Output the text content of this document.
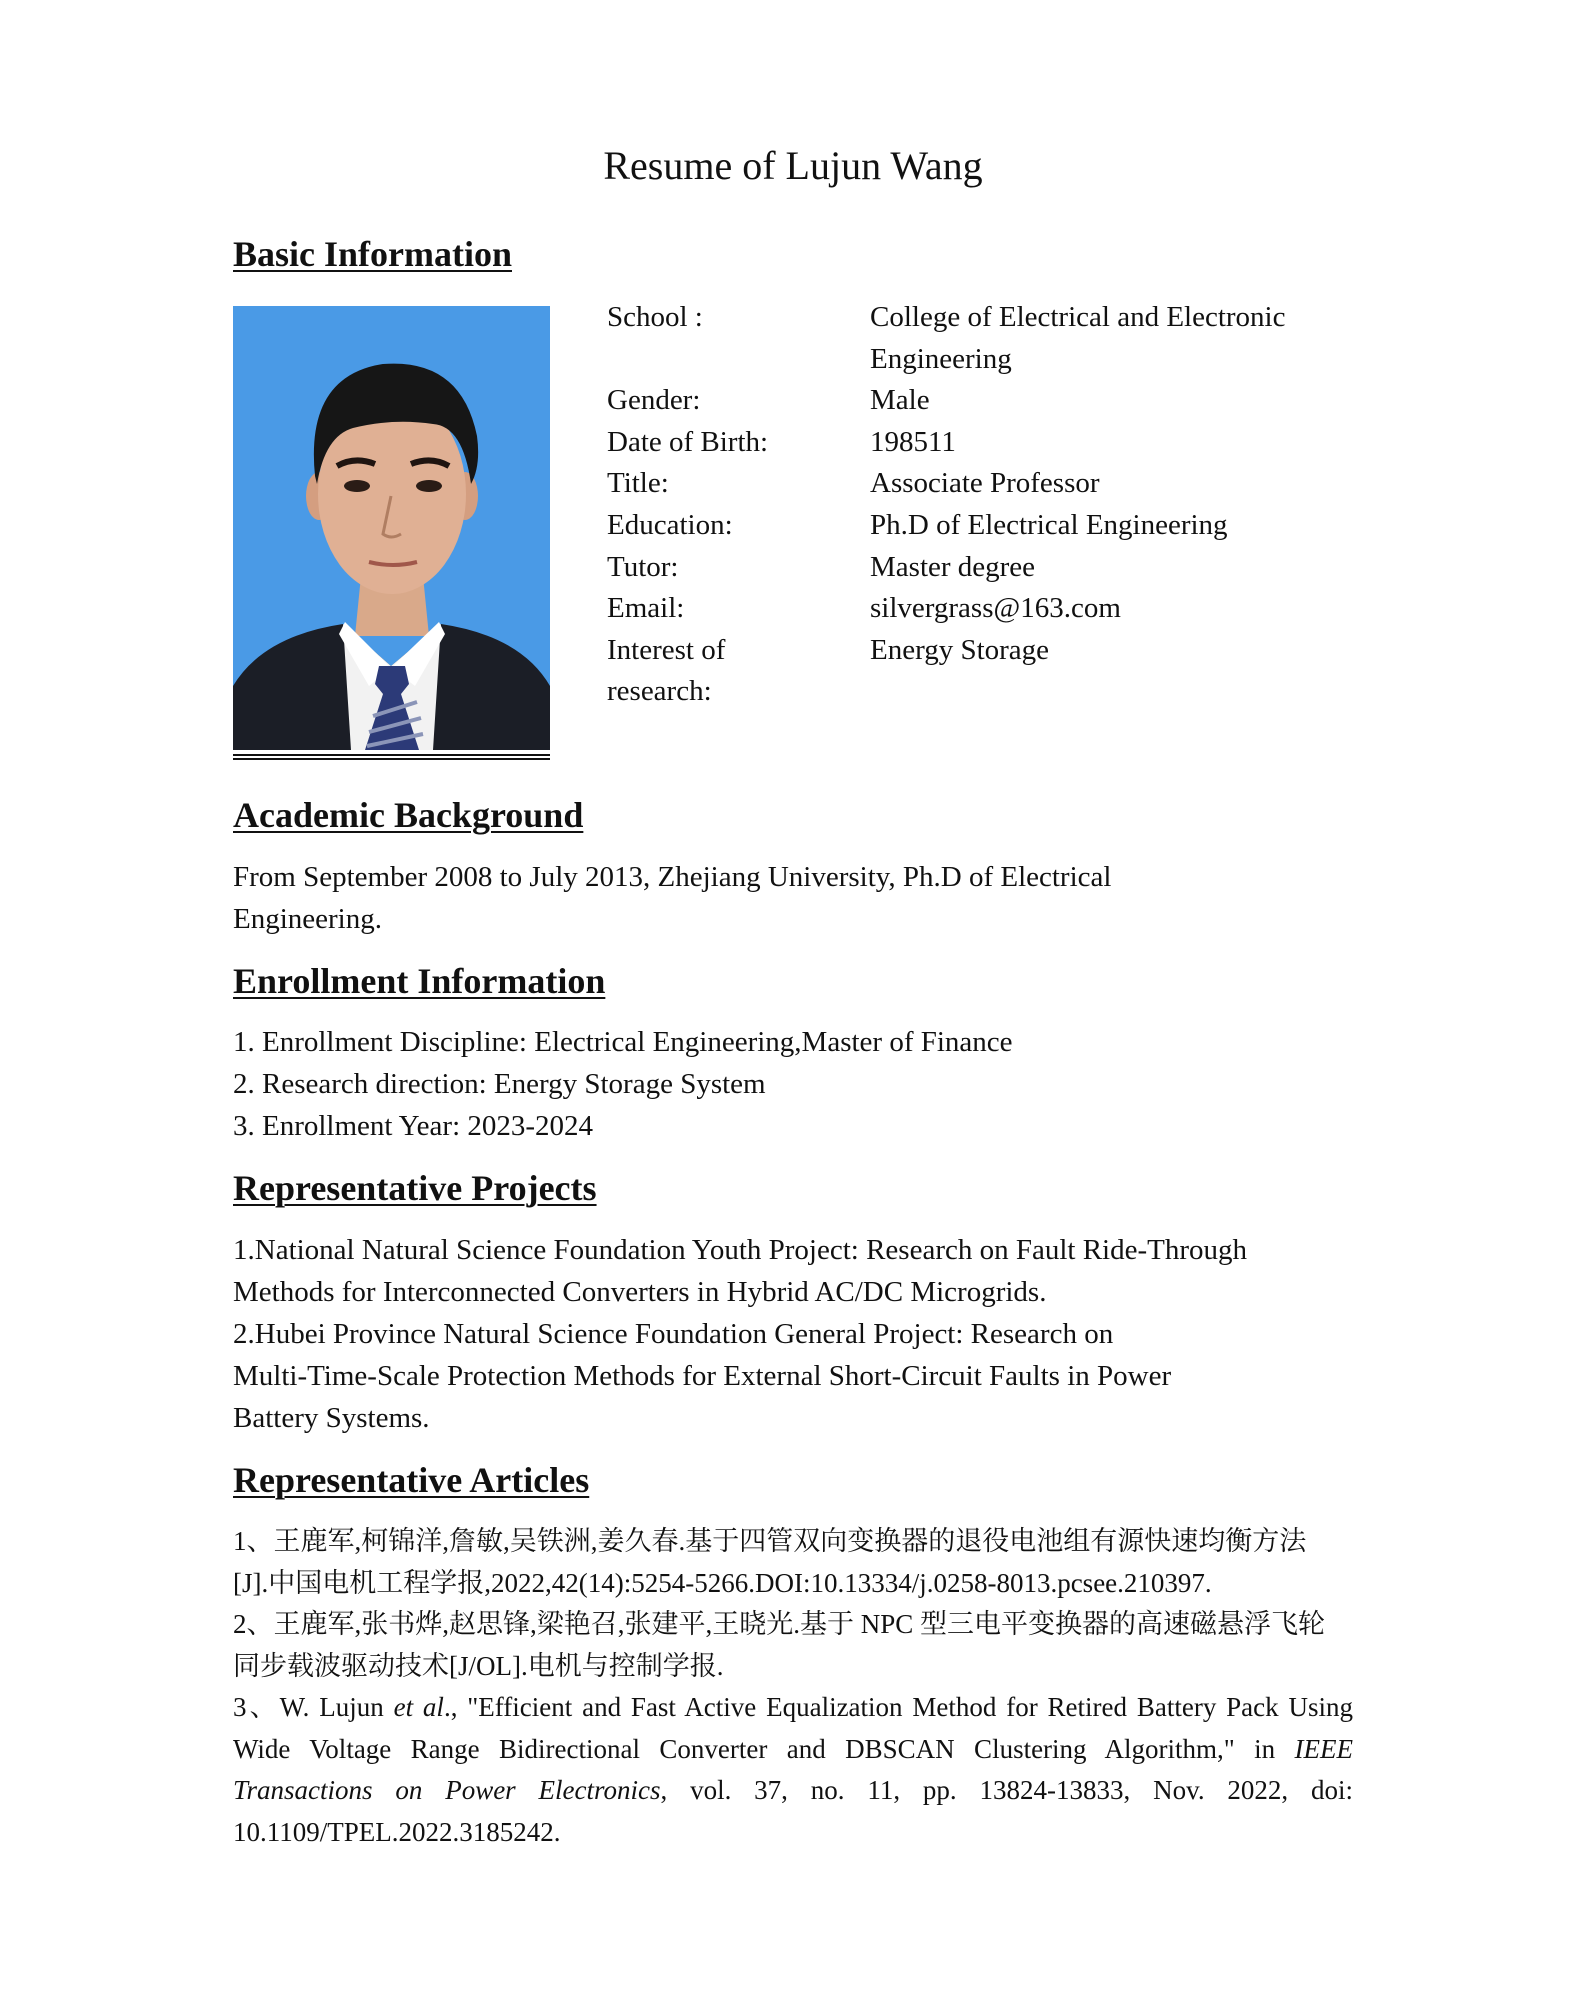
Resume of Lujun Wang
Basic Information
School :	College of Electrical and Electronic
Engineering
Gender:	Male
Date of Birth:	198511
Title:	Associate Professor
Education:	Ph.D of Electrical Engineering
Tutor:	Master degree
Email:	silvergrass@163.com
Interest of	Energy Storage
research:
Academic Background
From September 2008 to July 2013, Zhejiang University, Ph.D of Electrical
Engineering.
Enrollment Information
1. Enrollment Discipline: Electrical Engineering,Master of Finance
2. Research direction: Energy Storage System
3. Enrollment Year: 2023-2024
Representative Projects
1.National Natural Science Foundation Youth Project: Research on Fault Ride-Through
Methods for Interconnected Converters in Hybrid AC/DC Microgrids.
2.Hubei Province Natural Science Foundation General Project: Research on
Multi-Time-Scale Protection Methods for External Short-Circuit Faults in Power
Battery Systems.
Representative Articles
1、王鹿军,柯锦洋,詹敏,吴铁洲,姜久春.基于四管双向变换器的退役电池组有源快速均衡方法
[J].中国电机工程学报,2022,42(14):5254-5266.DOI:10.13334/j.0258-8013.pcsee.210397.
2、王鹿军,张书烨,赵思锋,梁艳召,张建平,王晓光.基于 NPC 型三电平变换器的高速磁悬浮飞轮
同步载波驱动技术[J/OL].电机与控制学报.
3、W. Lujun et al., "Efficient and Fast Active Equalization Method for Retired Battery Pack Using Wide Voltage Range Bidirectional Converter and DBSCAN Clustering Algorithm," in IEEE Transactions on Power Electronics, vol. 37, no. 11, pp. 13824-13833, Nov. 2022, doi: 10.1109/TPEL.2022.3185242.
